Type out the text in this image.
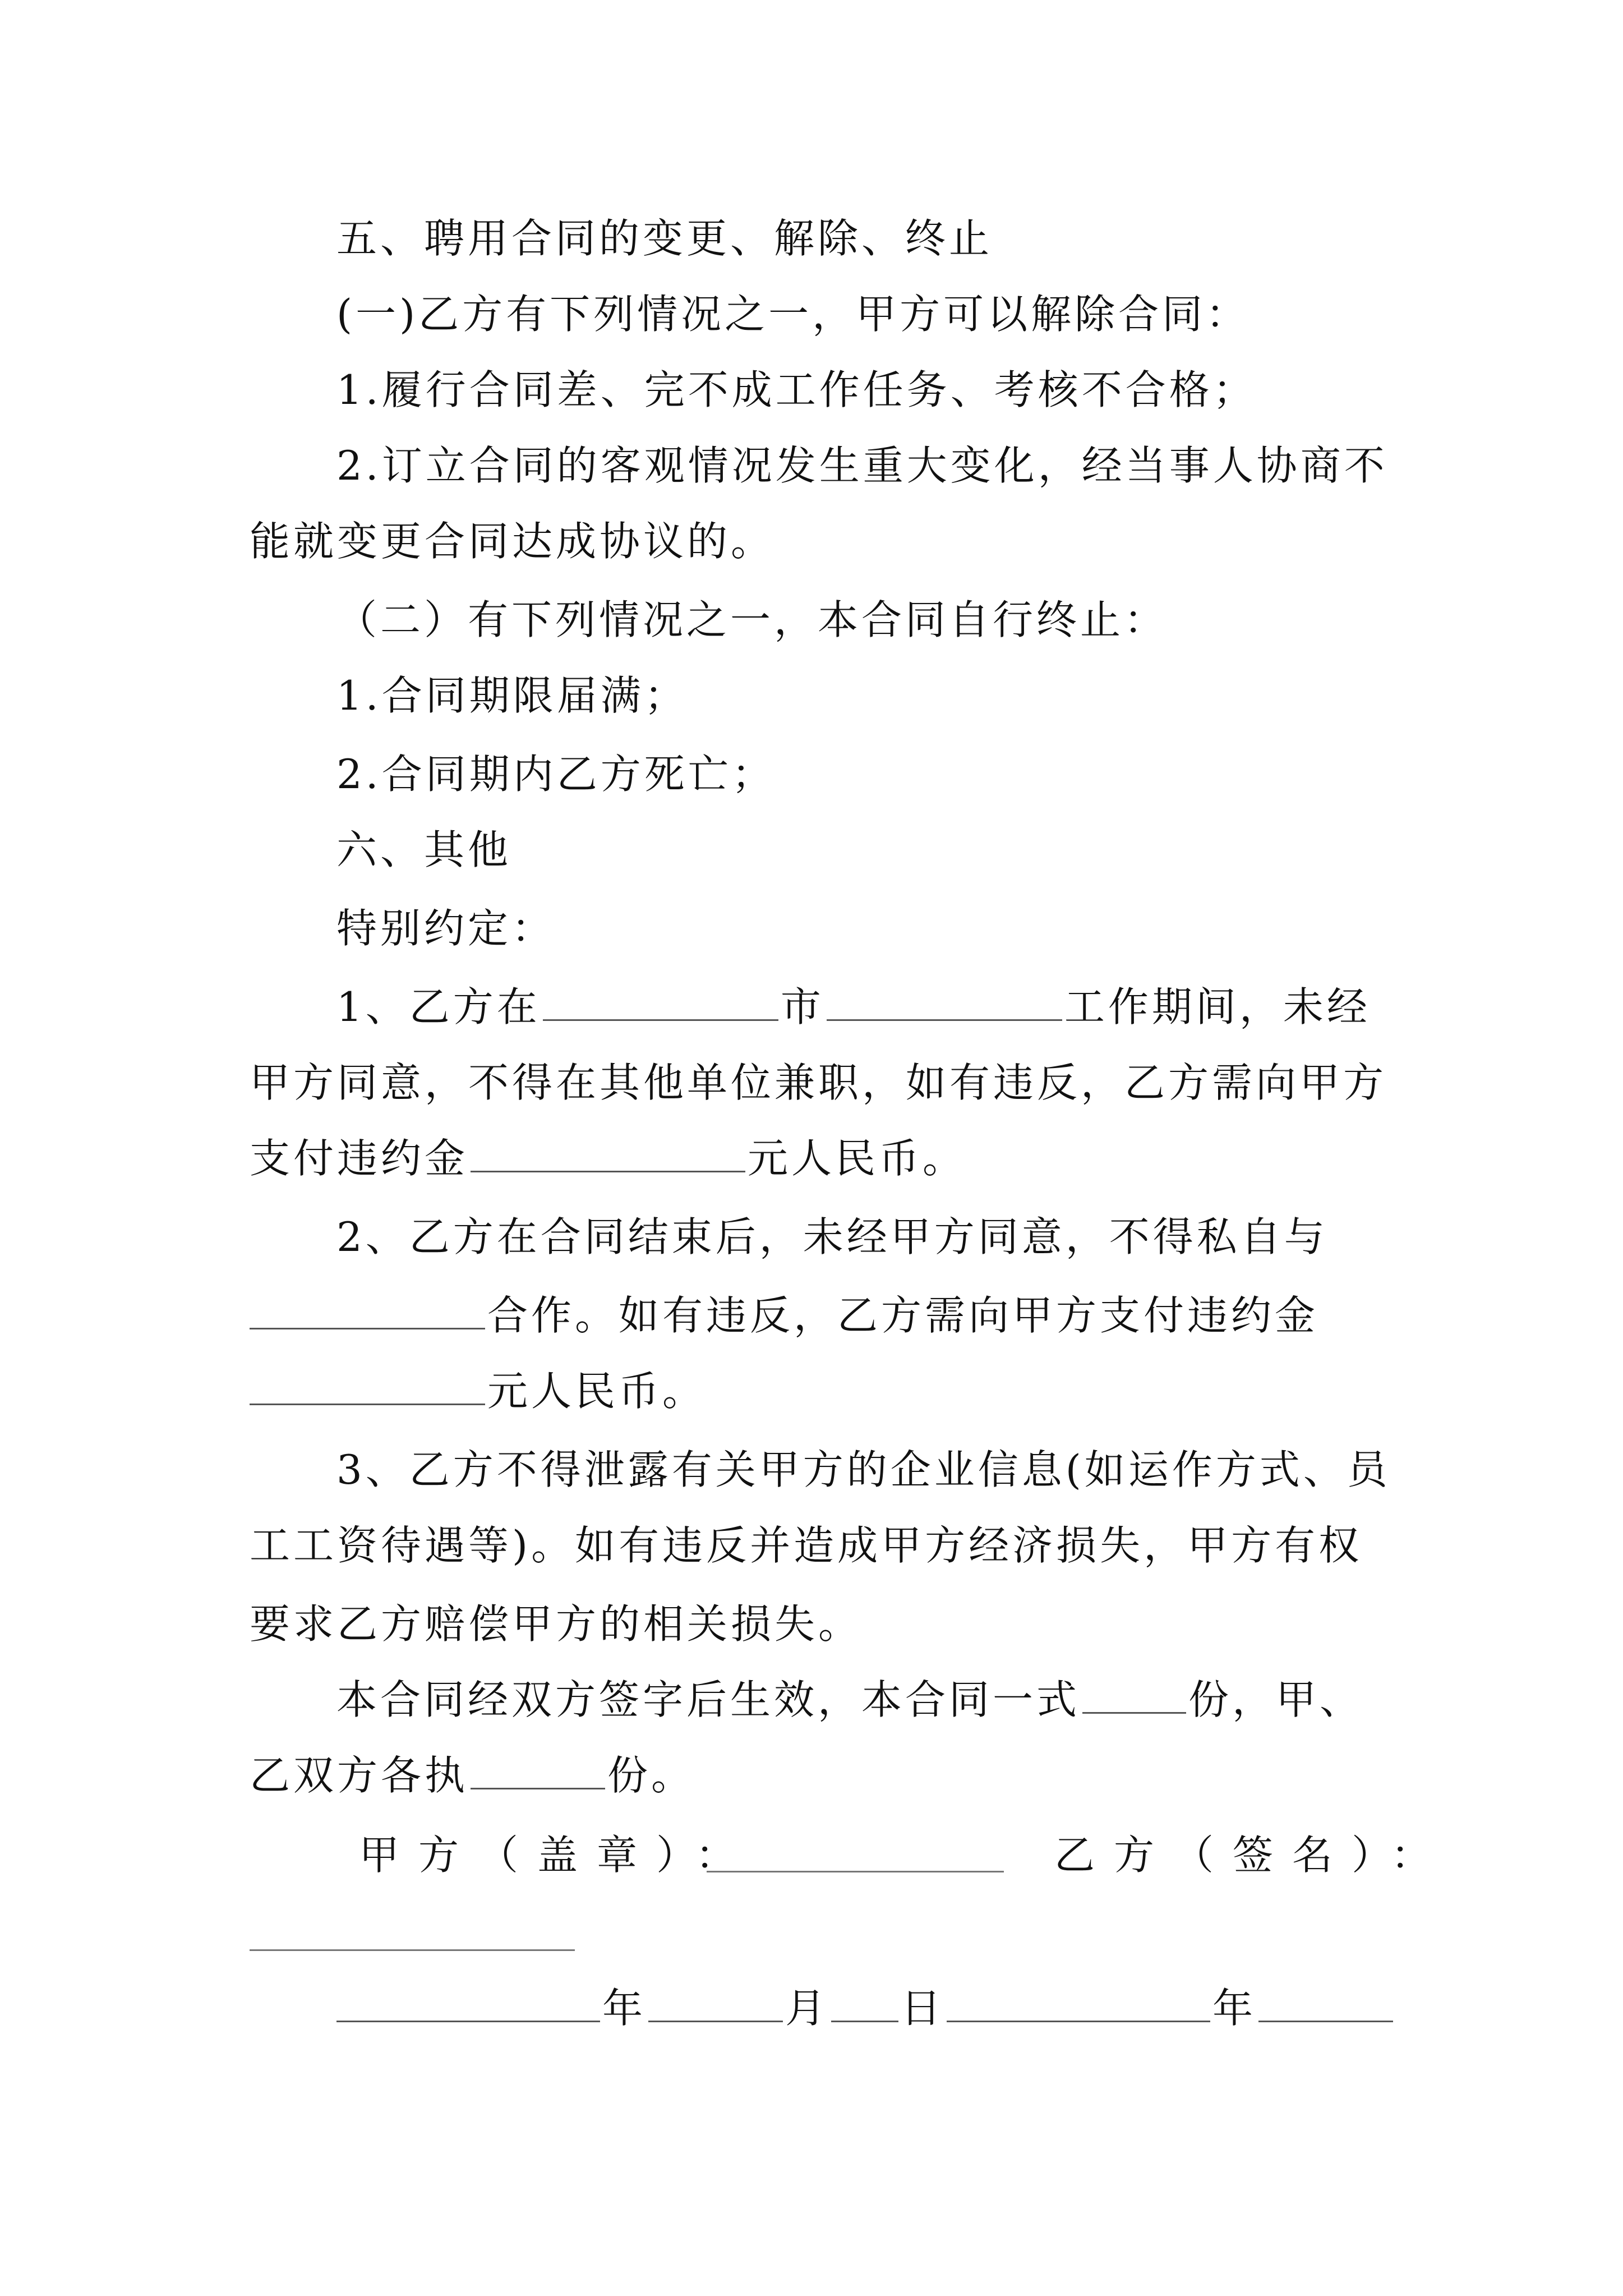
五、聘用合同的变更、解除、终止
(一)乙方有下列情况之一，甲方可以解除合同：
1.履行合同差、完不成工作任务、考核不合格；
2.订立合同的客观情况发生重大变化，经当事人协商不
能就变更合同达成协议的。
（二）有下列情况之一，本合同自行终止：
1.合同期限届满；
2.合同期内乙方死亡；
六、其他
特别约定：
1、乙方在	市	工作期间，未经
甲方同意，不得在其他单位兼职，如有违反，乙方需向甲方
支付违约金	元人民币。
2、乙方在合同结束后，未经甲方同意，不得私自与
合作。如有违反，乙方需向甲方支付违约金
元人民币。
3、乙方不得泄露有关甲方的企业信息(如运作方式、员
工工资待遇等)。如有违反并造成甲方经济损失，甲方有权
要求乙方赔偿甲方的相关损失。
本合同经双方签字后生效，本合同一式	份，甲、
乙双方各执	份。
甲方（盖章）：	乙方（签名）：
年	月 日	年
